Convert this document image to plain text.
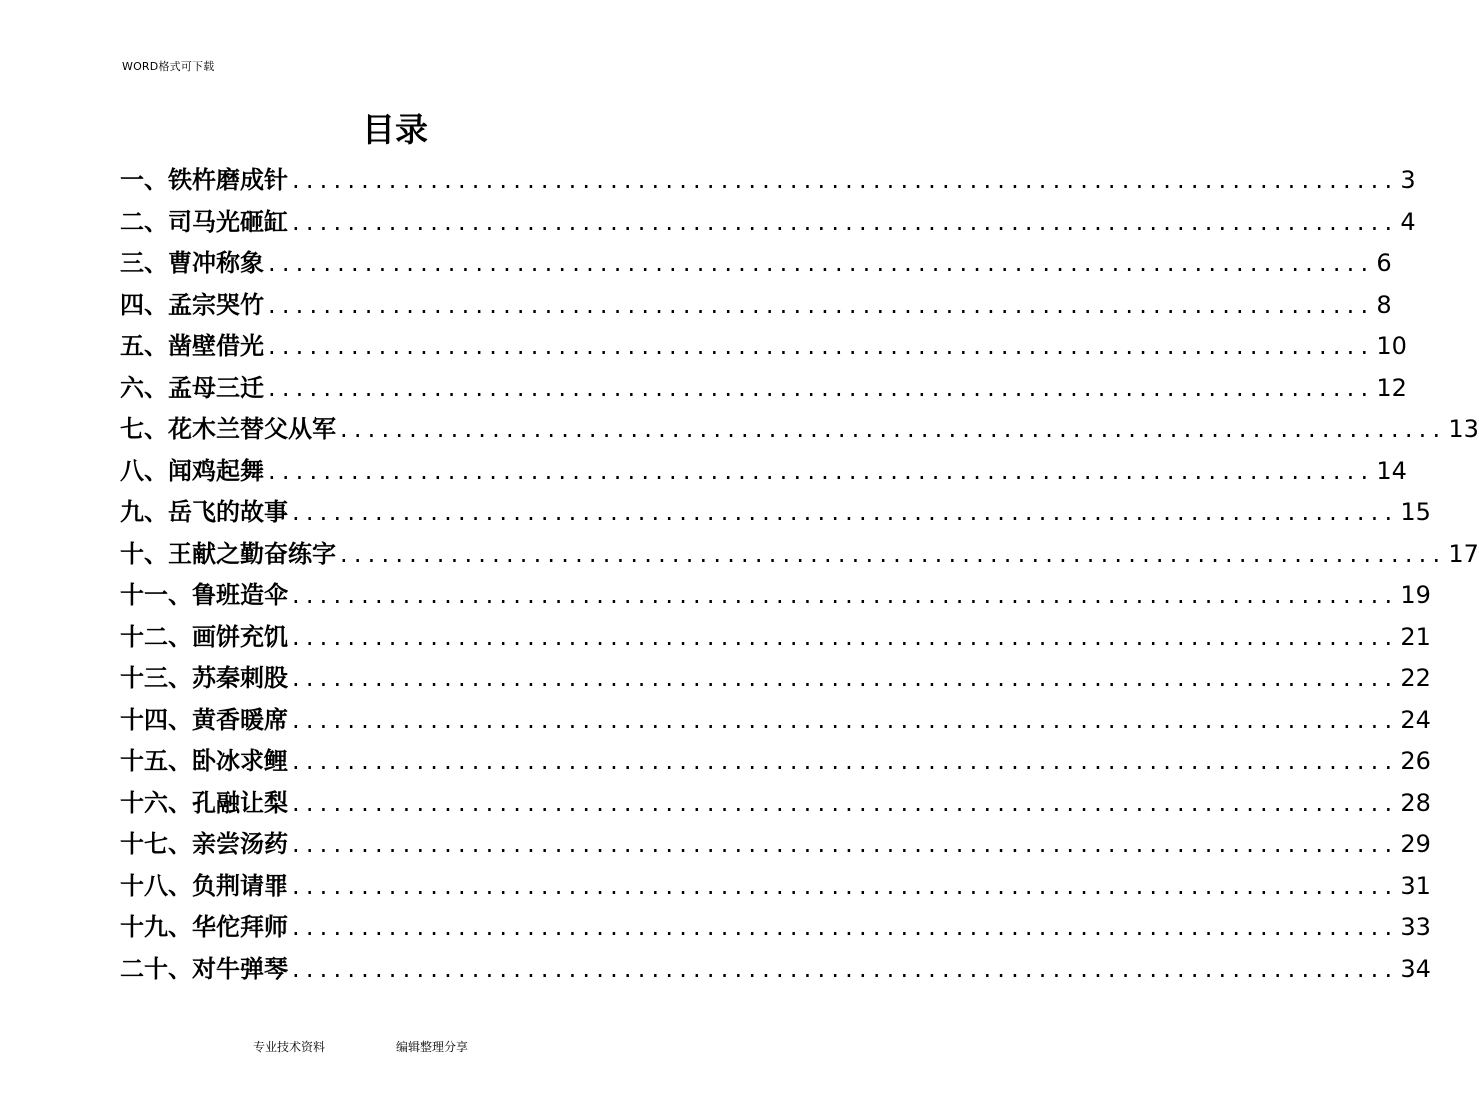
WORD格式可下载
目录
一、铁杵磨成针 ................................................................................ 3
二、司马光砸缸 ................................................................................ 4
三、曹冲称象 ................................................................................ 6
四、孟宗哭竹 ................................................................................ 8
五、凿壁借光 ................................................................................ 10
六、孟母三迁 ................................................................................ 12
七、花木兰替父从军 ................................................................................ 13
八、闻鸡起舞 ................................................................................ 14
九、岳飞的故事 ................................................................................ 15
十、王献之勤奋练字 ................................................................................ 17
十一、鲁班造伞 ................................................................................ 19
十二、画饼充饥 ................................................................................ 21
十三、苏秦刺股 ................................................................................ 22
十四、黄香暖席 ................................................................................ 24
十五、卧冰求鲤 ................................................................................ 26
十六、孔融让梨 ................................................................................ 28
十七、亲尝汤药 ................................................................................ 29
十八、负荆请罪 ................................................................................ 31
十九、华佗拜师 ................................................................................ 33
二十、对牛弹琴 ................................................................................ 34
专业技术资料	编辑整理分享
